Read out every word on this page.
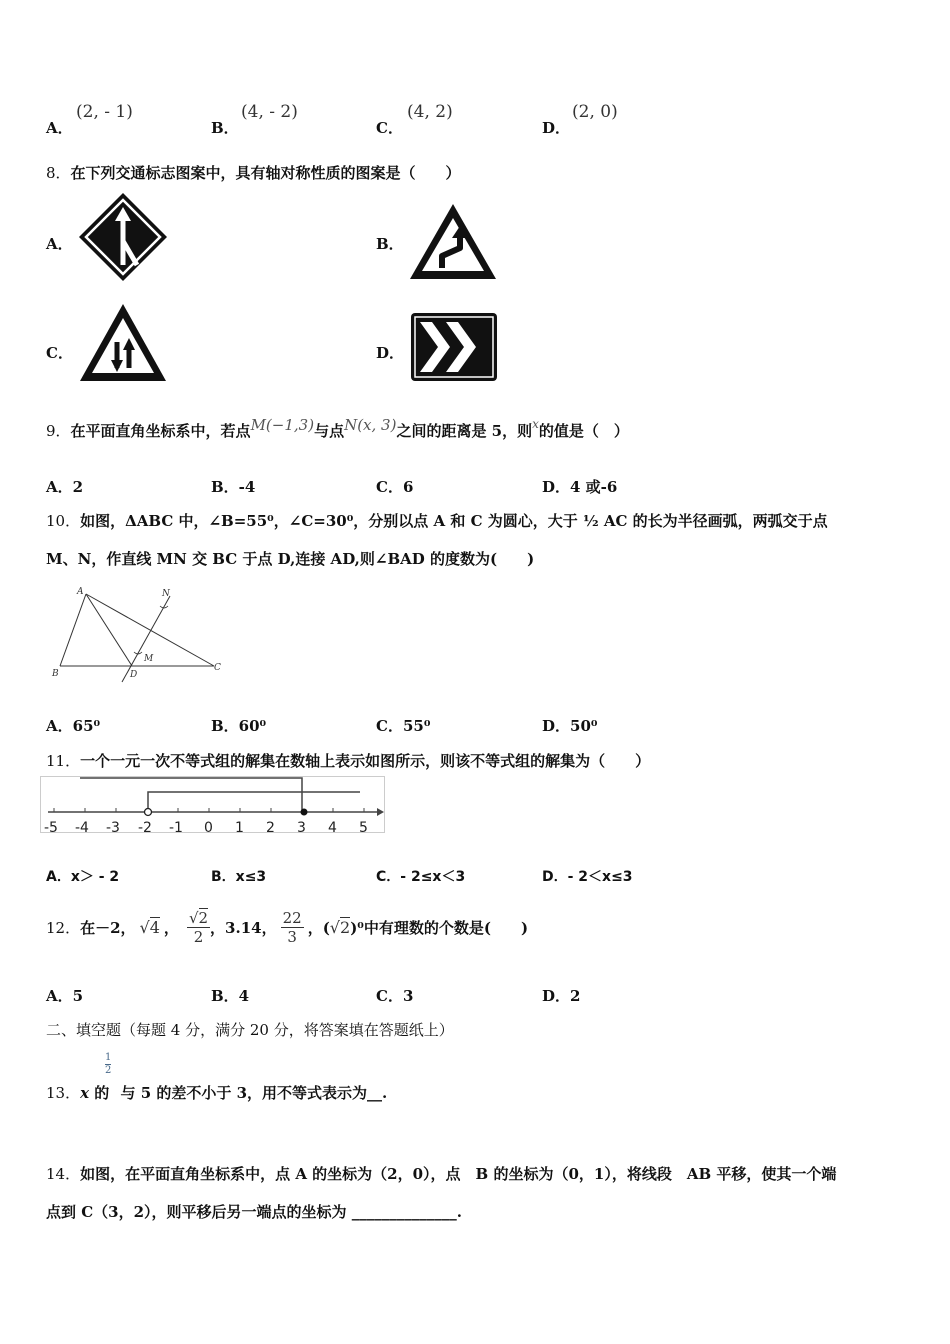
A．
(2, - 1)
B．
(4, - 2)
C．
(4, 2)
D．
(2, 0)
8．在下列交通标志图案中，具有轴对称性质的图案是（　　）
A．	B．
C．	D．
9．在平面直角坐标系中，若点M(−1,3)与点N(x, 3)之间的距离是 5，则$^x$的值是（　）
A．2	B．-4	C．6	D．4 或-6
10．如图，ΔABC 中，∠B=55⁰，∠C=30⁰，分别以点 A 和 C 为圆心，大于 ½ AC 的长为半径画弧，两弧交于点
M、N，作直线 MN 交 BC 于点 D,连接 AD,则∠BAD 的度数为(　　)
A
B
C
D
M
N
A．65⁰	B．60⁰	C．55⁰	D．50⁰
11．一个一元一次不等式组的解集在数轴上表示如图所示，则该不等式组的解集为（　　）
-5 -4 -3 -2 -1 0 1 2 3 4 5
A．x＞ - 2	B．x≤3	C．- 2≤x＜3	D．- 2＜x≤3
12． 在－2， √4 ， $\frac{√2}{2}$ ，3.14， $\frac{22}{3}$ ，( √2 )⁰中有理数的个数是(　　)
A．5	B．4	C．3	D．2
二、填空题（每题 4 分，满分 20 分，将答案填在答题纸上）
1
2
13．x 的 与 5 的差不小于 3，用不等式表示为__.
14．如图，在平面直角坐标系中，点 A 的坐标为（2，0），点　B 的坐标为（0，1），将线段　AB 平移，使其一个端
点到 C（3，2），则平移后另一端点的坐标为 ______________.
